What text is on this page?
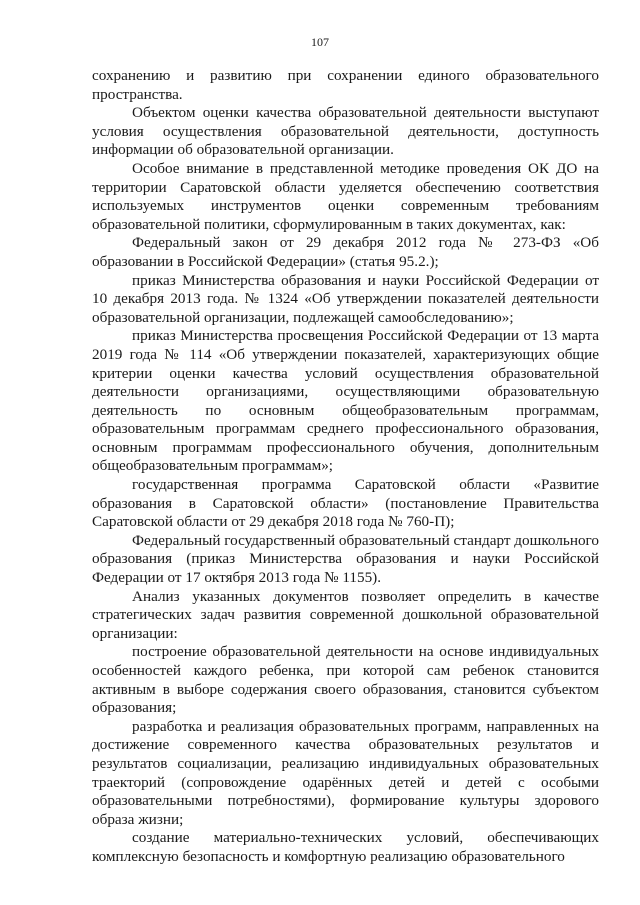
107

сохранению и развитию при сохранении единого образовательного пространства.

Объектом оценки качества образовательной деятельности выступают условия осуществления образовательной деятельности, доступность информации об образовательной организации.

Особое внимание в представленной методике проведения ОК ДО на территории Саратовской области уделяется обеспечению соответствия используемых инструментов оценки современным требованиям образовательной политики, сформулированным в таких документах, как:

Федеральный закон от 29 декабря 2012 года № 273-ФЗ «Об образовании в Российской Федерации» (статья 95.2.);

приказ Министерства образования и науки Российской Федерации от 10 декабря 2013 года. № 1324 «Об утверждении показателей деятельности образовательной организации, подлежащей самообследованию»;

приказ Министерства просвещения Российской Федерации от 13 марта 2019 года № 114 «Об утверждении показателей, характеризующих общие критерии оценки качества условий осуществления образовательной деятельности организациями, осуществляющими образовательную деятельность по основным общеобразовательным программам, образовательным программам среднего профессионального образования, основным программам профессионального обучения, дополнительным общеобразовательным программам»;

государственная программа Саратовской области «Развитие образования в Саратовской области» (постановление Правительства Саратовской области от 29 декабря 2018 года № 760-П);

Федеральный государственный образовательный стандарт дошкольного образования (приказ Министерства образования и науки Российской Федерации от 17 октября 2013 года № 1155).

Анализ указанных документов позволяет определить в качестве стратегических задач развития современной дошкольной образовательной организации:

построение образовательной деятельности на основе индивидуальных особенностей каждого ребенка, при которой сам ребенок становится активным в выборе содержания своего образования, становится субъектом образования;

разработка и реализация образовательных программ, направленных на достижение современного качества образовательных результатов и результатов социализации, реализацию индивидуальных образовательных траекторий (сопровождение одарённых детей и детей с особыми образовательными потребностями), формирование культуры здорового образа жизни;

создание материально-технических условий, обеспечивающих комплексную безопасность и комфортную реализацию образовательного
